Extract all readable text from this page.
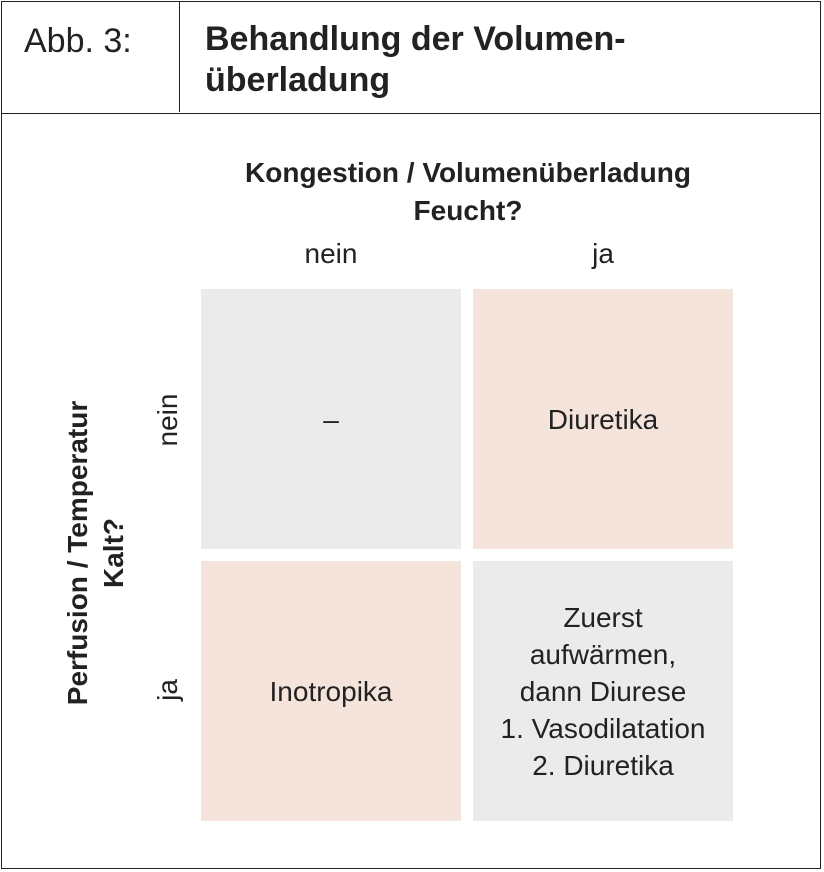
Abb. 3: Behandlung der Volumen-
überladung
Kongestion / Volumenüberladung
Feucht?
nein	ja
Perfusion / Temperatur Kalt?
nein
ja
–	Diuretika
Inotropika
Zuerst
aufwärmen,
dann Diurese
1. Vasodilatation
2. Diuretika
